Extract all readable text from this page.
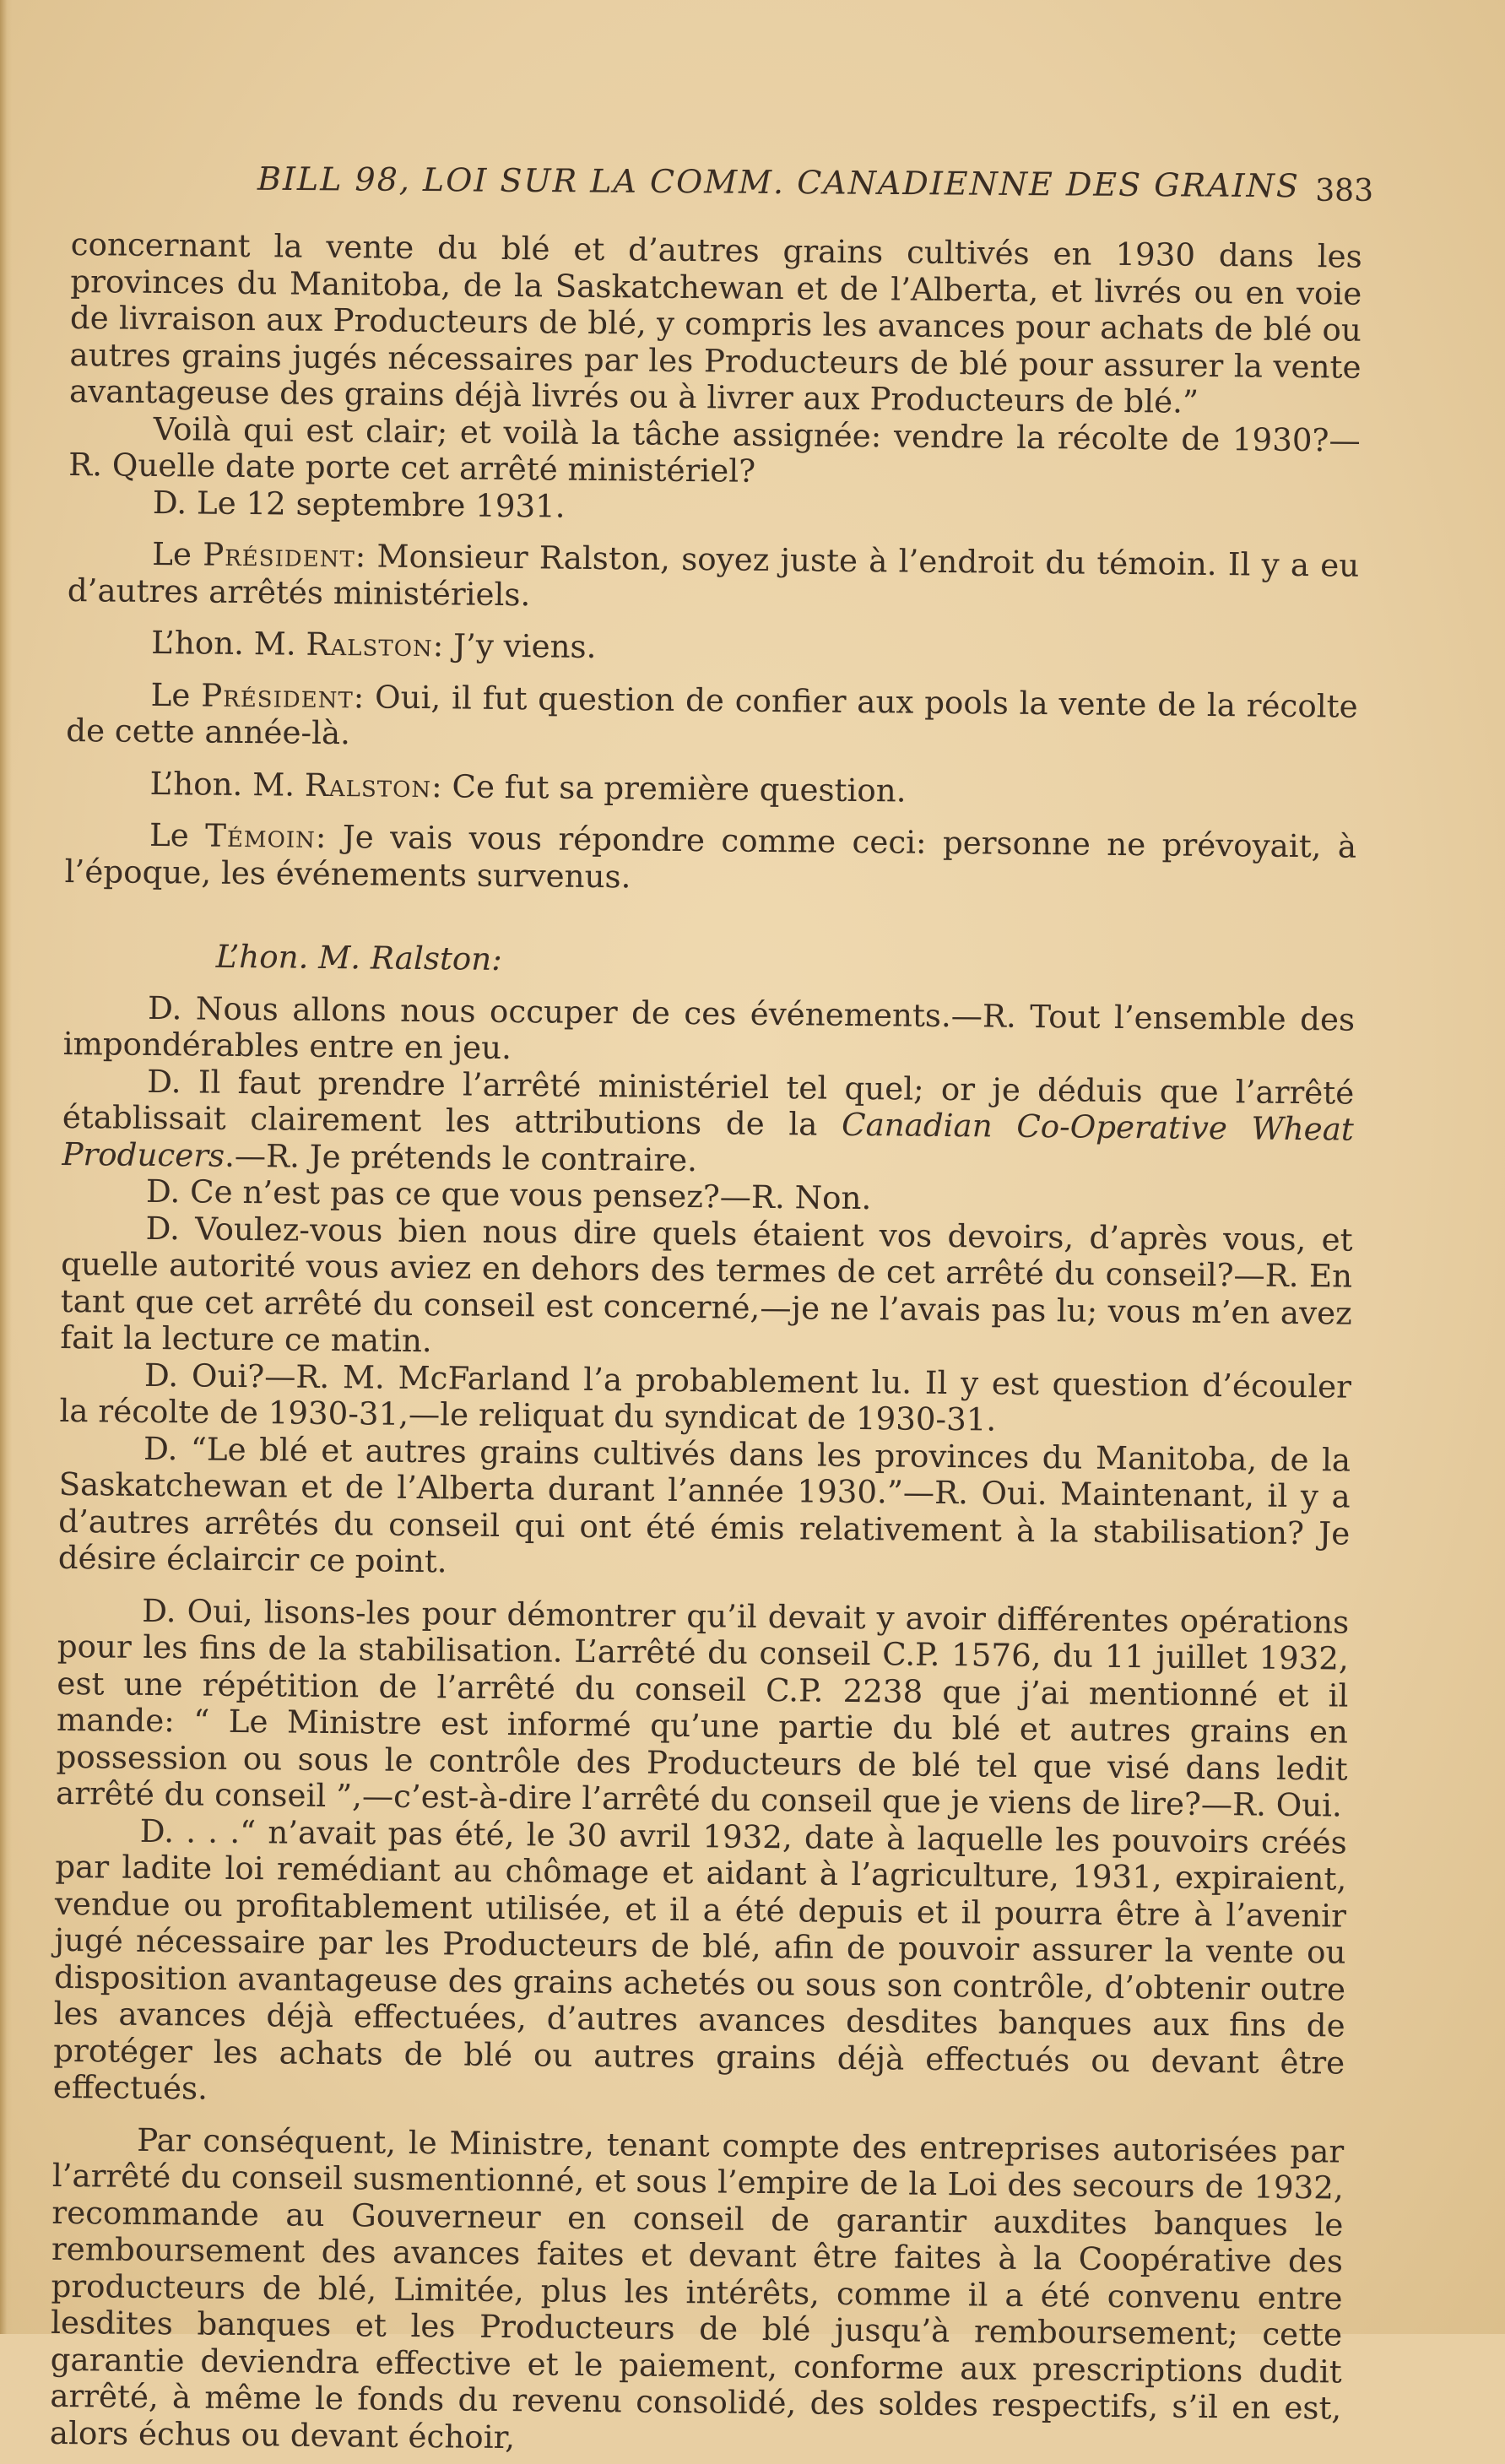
BILL 98, LOI SUR LA COMM. CANADIENNE DES GRAINS 383

concernant la vente du blé et d’autres grains cultivés en 1930 dans les provinces du Manitoba, de la Saskatchewan et de l’Alberta, et livrés ou en voie de livraison aux Producteurs de blé, y compris les avances pour achats de blé ou autres grains jugés nécessaires par les Producteurs de blé pour assurer la vente avantageuse des grains déjà livrés ou à livrer aux Producteurs de blé.”

Voilà qui est clair; et voilà la tâche assignée: vendre la récolte de 1930?—R. Quelle date porte cet arrêté ministériel?

D. Le 12 septembre 1931.

Le Président: Monsieur Ralston, soyez juste à l’endroit du témoin. Il y a eu d’autres arrêtés ministériels.

L’hon. M. Ralston: J’y viens.

Le Président: Oui, il fut question de confier aux pools la vente de la récolte de cette année-là.

L’hon. M. Ralston: Ce fut sa première question.

Le Témoin: Je vais vous répondre comme ceci: personne ne prévoyait, à l’époque, les événements survenus.

L’hon. M. Ralston:

D. Nous allons nous occuper de ces événements.—R. Tout l’ensemble des impondérables entre en jeu.

D. Il faut prendre l’arrêté ministériel tel quel; or je déduis que l’arrêté établissait clairement les attributions de la Canadian Co-Operative Wheat Producers.—R. Je prétends le contraire.

D. Ce n’est pas ce que vous pensez?—R. Non.

D. Voulez-vous bien nous dire quels étaient vos devoirs, d’après vous, et quelle autorité vous aviez en dehors des termes de cet arrêté du conseil?—R. En tant que cet arrêté du conseil est concerné,—je ne l’avais pas lu; vous m’en avez fait la lecture ce matin.

D. Oui?—R. M. McFarland l’a probablement lu. Il y est question d’écouler la récolte de 1930-31,—le reliquat du syndicat de 1930-31.

D. “Le blé et autres grains cultivés dans les provinces du Manitoba, de la Saskatchewan et de l’Alberta durant l’année 1930.”—R. Oui. Maintenant, il y a d’autres arrêtés du conseil qui ont été émis relativement à la stabilisation? Je désire éclaircir ce point.

D. Oui, lisons-les pour démontrer qu’il devait y avoir différentes opérations pour les fins de la stabilisation. L’arrêté du conseil C.P. 1576, du 11 juillet 1932, est une répétition de l’arrêté du conseil C.P. 2238 que j’ai mentionné et il mande: “ Le Ministre est informé qu’une partie du blé et autres grains en possession ou sous le contrôle des Producteurs de blé tel que visé dans ledit arrêté du conseil ”,—c’est-à-dire l’arrêté du conseil que je viens de lire?—R. Oui.

D. . . .“ n’avait pas été, le 30 avril 1932, date à laquelle les pouvoirs créés par ladite loi remédiant au chômage et aidant à l’agriculture, 1931, expiraient, vendue ou profitablement utilisée, et il a été depuis et il pourra être à l’avenir jugé nécessaire par les Producteurs de blé, afin de pouvoir assurer la vente ou disposition avantageuse des grains achetés ou sous son contrôle, d’obtenir outre les avances déjà effectuées, d’autres avances desdites banques aux fins de protéger les achats de blé ou autres grains déjà effectués ou devant être effectués.

Par conséquent, le Ministre, tenant compte des entreprises autorisées par l’arrêté du conseil susmentionné, et sous l’empire de la Loi des secours de 1932, recommande au Gouverneur en conseil de garantir auxdites banques le remboursement des avances faites et devant être faites à la Coopérative des producteurs de blé, Limitée, plus les intérêts, comme il a été convenu entre lesdites banques et les Producteurs de blé jusqu’à remboursement; cette garantie deviendra effective et le paiement, conforme aux prescriptions dudit arrêté, à même le fonds du revenu consolidé, des soldes respectifs, s’il en est, alors échus ou devant échoir,
